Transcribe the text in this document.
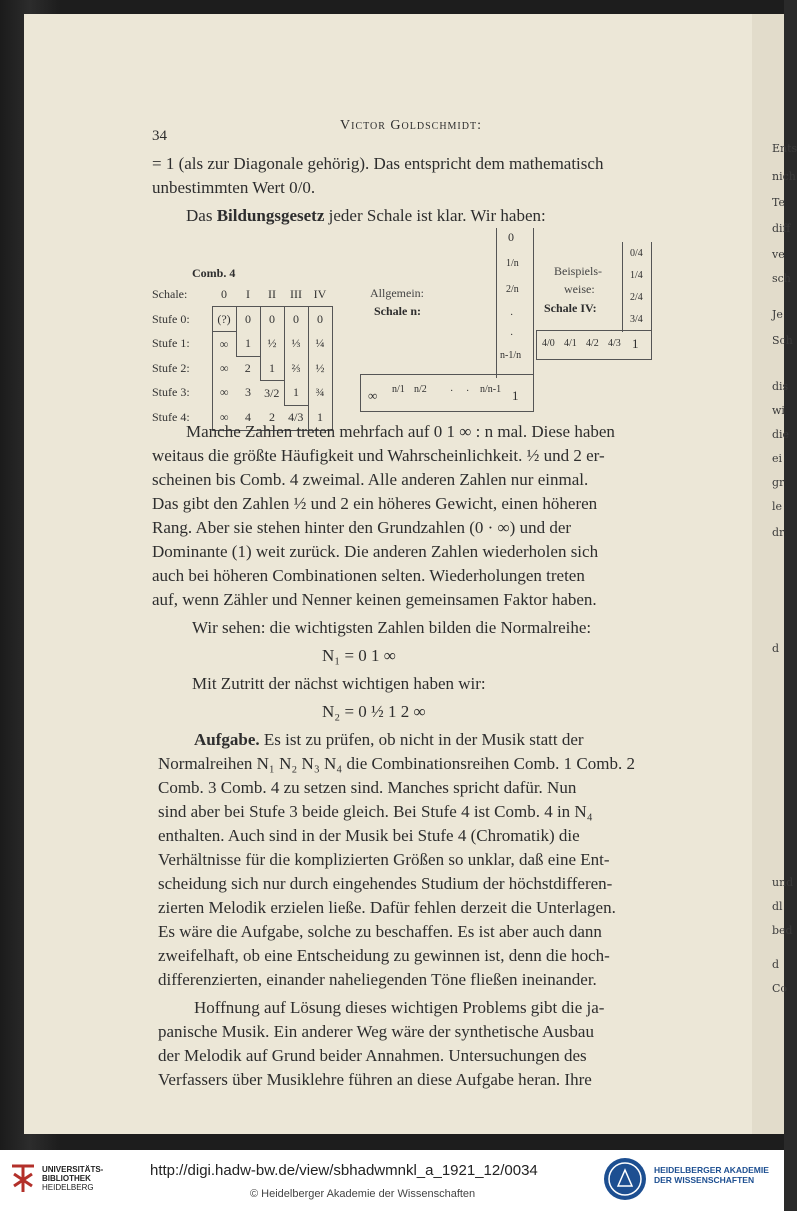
Ents
nich
Te
diff
ve
sch
Je
Sch
dis
wi
die
ei
gr
le
dr
d
und
dl
bed
d
Co
34
Victor Goldschmidt:
= 1 (als zur Diagonale gehörig). Das entspricht dem mathematisch
unbestimmten Wert 0/0.
Das Bildungsgesetz jeder Schale ist klar. Wir haben:
Comb. 4
Schale:	0	I	II	III	IV
Stufe 0:	(?)	0	0	0	0
Stufe 1:	∞	1	½	⅓	¼
Stufe 2:	∞	2	1	⅔	½
Stufe 3:	∞	3	3/2	1	¾
Stufe 4:	∞	4	2	4/3	1
Allgemein:
Schale n:
0
1/n
2/n
·
·
n-1/n
∞ n/1 n/2 · · n/n-1 1
Beispiels-
weise:
Schale IV:
0/4
1/4
2/4
3/4
4/0 4/1 4/2 4/3 1
Manche Zahlen treten mehrfach auf 0 1 ∞ : n mal. Diese haben
weitaus die größte Häufigkeit und Wahrscheinlichkeit. ½ und 2 er-
scheinen bis Comb. 4 zweimal. Alle anderen Zahlen nur einmal.
Das gibt den Zahlen ½ und 2 ein höheres Gewicht, einen höheren
Rang. Aber sie stehen hinter den Grundzahlen (0 · ∞) und der
Dominante (1) weit zurück. Die anderen Zahlen wiederholen sich
auch bei höheren Combinationen selten. Wiederholungen treten
auf, wenn Zähler und Nenner keinen gemeinsamen Faktor haben.
Wir sehen: die wichtigsten Zahlen bilden die Normalreihe:
N₁ = 0 1 ∞
Mit Zutritt der nächst wichtigen haben wir:
N₂ = 0 ½ 1 2 ∞
Aufgabe. Es ist zu prüfen, ob nicht in der Musik statt der
Normalreihen N₁ N₂ N₃ N₄ die Combinationsreihen Comb. 1 Comb. 2
Comb. 3 Comb. 4 zu setzen sind. Manches spricht dafür. Nun
sind aber bei Stufe 3 beide gleich. Bei Stufe 4 ist Comb. 4 in N₄
enthalten. Auch sind in der Musik bei Stufe 4 (Chromatik) die
Verhältnisse für die komplizierten Größen so unklar, daß eine Ent-
scheidung sich nur durch eingehendes Studium der höchstdifferen-
zierten Melodik erzielen ließe. Dafür fehlen derzeit die Unterlagen.
Es wäre die Aufgabe, solche zu beschaffen. Es ist aber auch dann
zweifelhaft, ob eine Entscheidung zu gewinnen ist, denn die hoch-
differenzierten, einander naheliegenden Töne fließen ineinander.
Hoffnung auf Lösung dieses wichtigen Problems gibt die ja-
panische Musik. Ein anderer Weg wäre der synthetische Ausbau
der Melodik auf Grund beider Annahmen. Untersuchungen des
Verfassers über Musiklehre führen an diese Aufgabe heran. Ihre
UNIVERSITÄTS-
BIBLIOTHEK
HEIDELBERG
http://digi.hadw-bw.de/view/sbhadwmnkl_a_1921_12/0034
© Heidelberger Akademie der Wissenschaften
HEIDELBERGER AKADEMIE
DER WISSENSCHAFTEN
